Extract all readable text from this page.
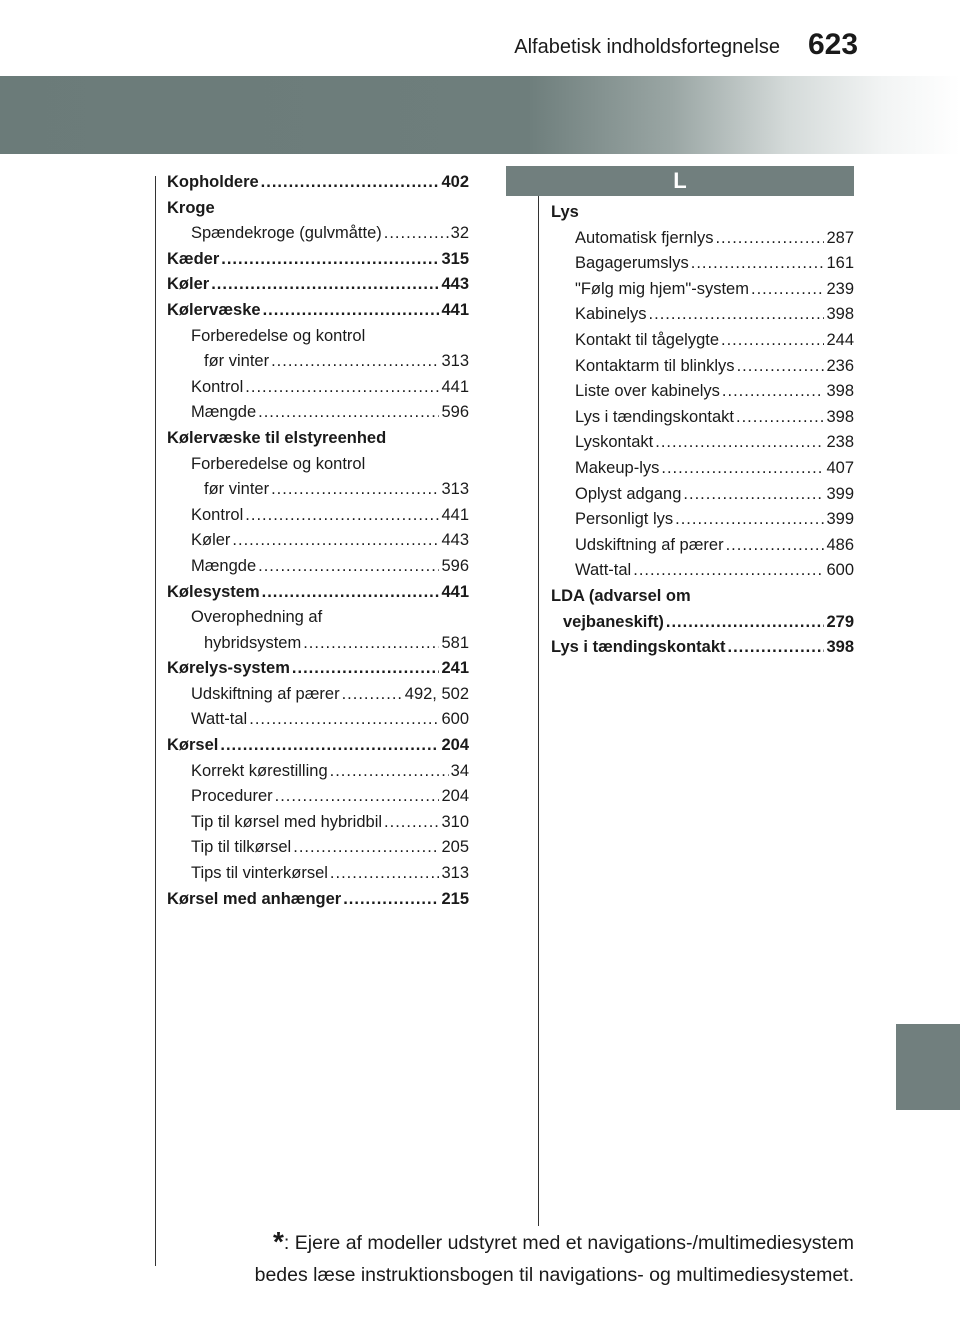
Alfabetisk indholdsfortegnelse 623
Kopholdere .....	402
Kroge
Spændekroge (gulvmåtte) .....	32
Kæder .....	315
Køler .....	443
Kølervæske .....	441
Forberedelse og kontrol
før vinter .....	313
Kontrol .....	441
Mængde .....	596
Kølervæske til elstyreenhed
Forberedelse og kontrol
før vinter .....	313
Kontrol .....	441
Køler .....	443
Mængde .....	596
Kølesystem .....	441
Overophedning af
hybridsystem .....	581
Kørelys-system .....	241
Udskiftning af pærer .....	492, 502
Watt-tal .....	600
Kørsel .....	204
Korrekt kørestilling .....	34
Procedurer .....	204
Tip til kørsel med hybridbil .....	310
Tip til tilkørsel .....	205
Tips til vinterkørsel .....	313
Kørsel med anhænger .....	215
L
Lys
Automatisk fjernlys .....	287
Bagagerumslys .....	161
"Følg mig hjem"-system .....	239
Kabinelys .....	398
Kontakt til tågelygte .....	244
Kontaktarm til blinklys .....	236
Liste over kabinelys .....	398
Lys i tændingskontakt .....	398
Lyskontakt .....	238
Makeup-lys .....	407
Oplyst adgang .....	399
Personligt lys .....	399
Udskiftning af pærer .....	486
Watt-tal .....	600
LDA (advarsel om
vejbaneskift) .....	279
Lys i tændingskontakt .....	398
*: Ejere af modeller udstyret med et navigations-/multimediesystem
bedes læse instruktionsbogen til navigations- og multimediesystemet.
